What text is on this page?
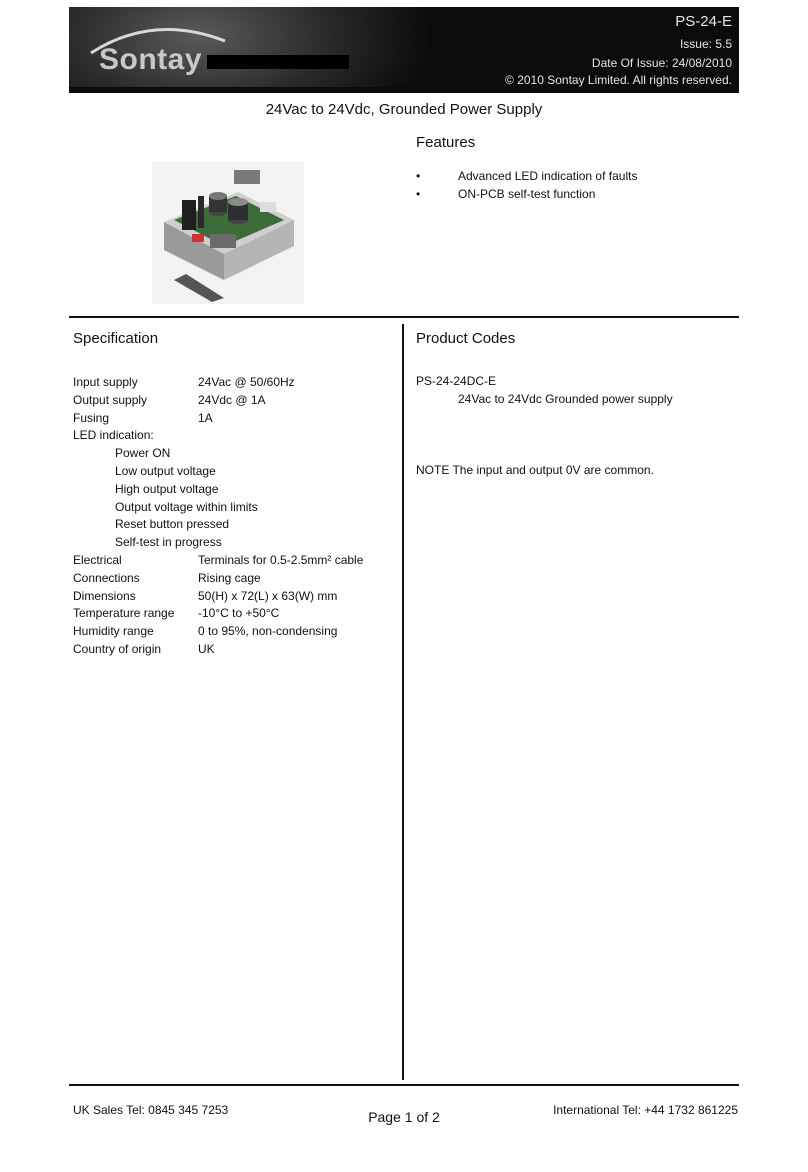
Sontay
PS-24-E
Issue: 5.5
Date Of Issue: 24/08/2010
© 2010 Sontay Limited. All rights reserved.
24Vac to 24Vdc, Grounded Power Supply
Features
•	Advanced LED indication of faults
•	ON-PCB self-test function
Specification
Input supply	24Vac @ 50/60Hz
Output supply	24Vdc @ 1A
Fusing	1A
LED indication:
Power ON
Low output voltage
High output voltage
Output voltage within limits
Reset button pressed
Self-test in progress
Electrical	Terminals for 0.5-2.5mm² cable
Connections	Rising cage
Dimensions	50(H) x 72(L) x 63(W) mm
Temperature range -10°C to +50°C
Humidity range	0 to 95%, non-condensing
Country of origin	UK
Product Codes
PS-24-24DC-E
24Vac to 24Vdc Grounded power supply
NOTE The input and output 0V are common.
UK Sales Tel: 0845 345 7253	Page 1 of 2	International Tel: +44 1732 861225
